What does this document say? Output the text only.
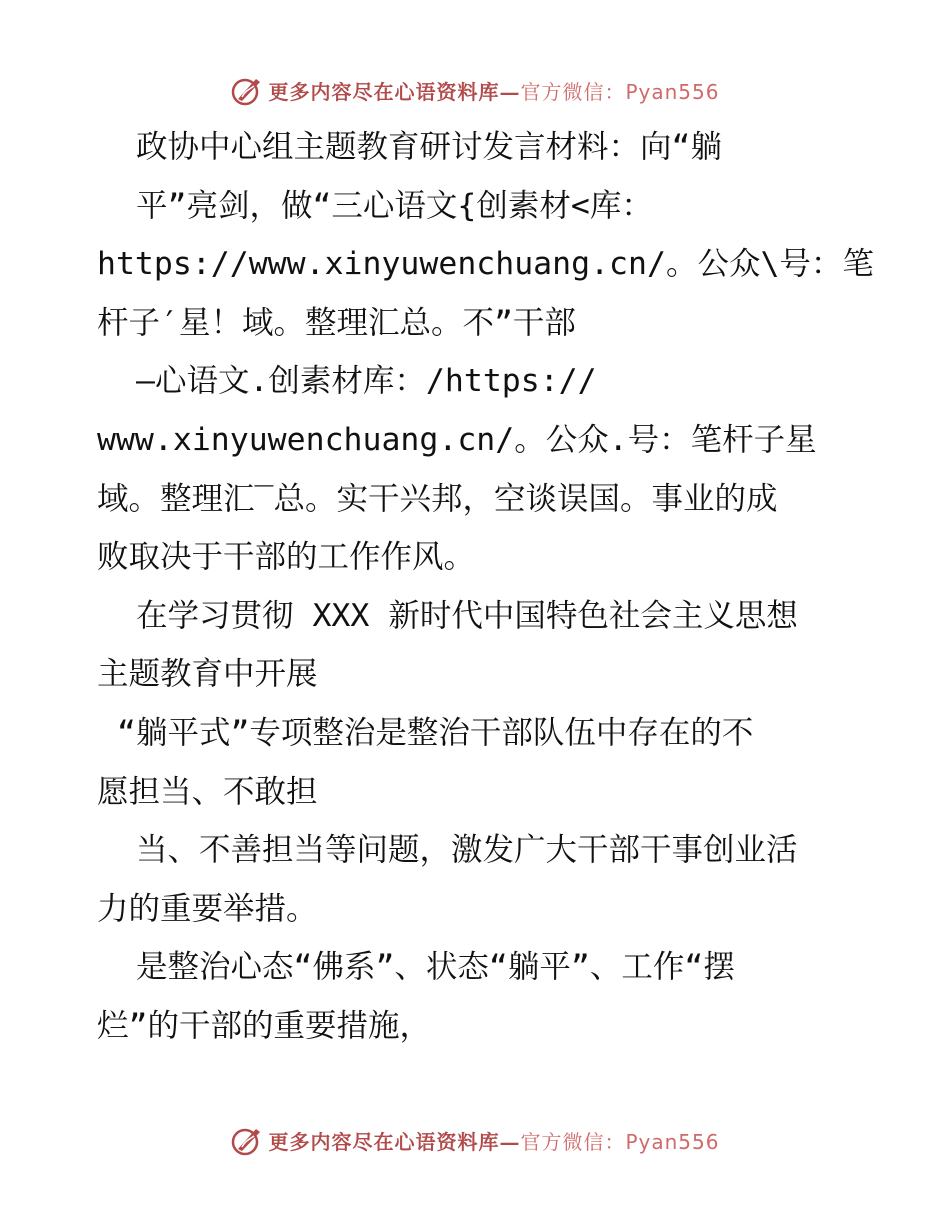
更多内容尽在心语资料库—官方微信：Pyan556
政协中心组主题教育研讨发言材料：向“躺
平”亮剑，做“三心语文{创素材<库：
https://www.xinyuwenchuang.cn/。公众\号：笔
杆子′星！域。整理汇总。不”干部
—心语文.创素材库：/https://
www.xinyuwenchuang.cn/。公众.号：笔杆子星
域。整理汇‾总。实干兴邦，空谈误国。事业的成
败取决于干部的工作作风。
在学习贯彻 XXX 新时代中国特色社会主义思想
主题教育中开展
“躺平式”专项整治是整治干部队伍中存在的不
愿担当、不敢担
当、不善担当等问题，激发广大干部干事创业活
力的重要举措。
是整治心态“佛系”、状态“躺平”、工作“摆
烂”的干部的重要措施，
更多内容尽在心语资料库—官方微信：Pyan556
